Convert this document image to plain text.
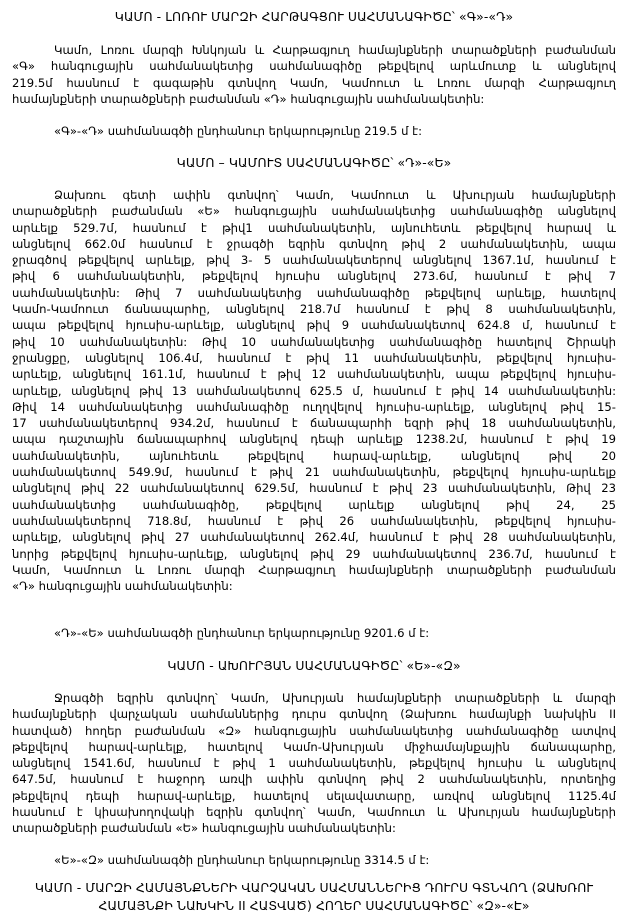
ԿԱՄՈ - ԼՈՌՈՒ ՄԱՐԶԻ ՀԱՐԹԱԳՑՈՒ ՍԱՀՄԱՆԱԳԻԾԸ՝ «Գ»-«Դ»

Կամո, Լոռու մարզի Խնկոյան և Հարթագյուղ համայնքների տարածքների բաժանման
«Գ» հանգուցային սահմանակետից սահմանագիծը թեքվելով արևմուտք և անցնելով
219.5մ հասնում է գագաթին գտնվող Կամո, Կամոուտ և Լոռու մարզի Հարթագյուղ
համայնքների տարածքների բաժանման «Դ» հանգուցային սահմանակետին:
«Գ»-«Դ» սահմանագծի ընդհանուր երկարությունը 219.5 մ է:

ԿԱՄՈ – ԿԱՄՈՒՏ ՍԱՀՄԱՆԱԳԻԾԸ՝ «Դ»-«Ե»

Ձախռու գետի ափին գտնվող՝ Կամո, Կամոուտ և Ախուրյան համայնքների
տարածքների բաժանման «Ե» հանգուցային սահմանակետից սահմանագիծը անցնելով
արևելք 529.7մ, հասնում է թիվ1 սահմանակետին, այնուհետև թեքվելով հարավ և
անցնելով 662.0մ հասնում է ջրագծի եզրին գտնվող թիվ 2 սահմանակետին, ապա
ջրագծով թեքվելով արևելք, թիվ 3- 5 սահմանակետերով անցնելով 1367.1մ, հասնում է
թիվ 6 սահմանակետին, թեքվելով հյուսիս անցնելով 273.6մ, հասնում է թիվ 7
սահմանակետին: Թիվ 7 սահմանակետից սահմանագիծը թեքվելով արևելք, հատելով
Կամո-Կամոուտ ճանապարհը, անցնելով 218.7մ հասնում է թիվ 8 սահմանակետին,
ապա թեքվելով հյուսիս-արևելք, անցնելով թիվ 9 սահմանակետով 624.8 մ, հասնում է
թիվ 10 սահմանակետին: Թիվ 10 սահմանակետից սահմանագիծը հատելով Շիրակի
ջրանցքը, անցնելով 106.4մ, հասնում է թիվ 11 սահմանակետին, թեքվելով հյուսիս-
արևելք, անցնելով 161.1մ, հասնում է թիվ 12 սահմանակետին, ապա թեքվելով հյուսիս-
արևելք, անցնելով թիվ 13 սահմանակետով 625.5 մ, հասնում է թիվ 14 սահմանակետին:
Թիվ 14 սահմանակետից սահմանագիծը ուղղվելով հյուսիս-արևելք, անցնելով թիվ 15-
17 սահմանակետերով 934.2մ, հասնում է ճանապարհի եզրի թիվ 18 սահմանակետին,
ապա դաշտային ճանապարհով անցնելով դեպի արևելք 1238.2մ, հասնում է թիվ 19
սահմանակետին, այնուհետև թեքվելով հարավ-արևելք, անցնելով թիվ 20
սահմանակետով 549.9մ, հասնում է թիվ 21 սահմանակետին, թեքվելով հյուսիս-արևելք
անցնելով թիվ 22 սահմանակետով 629.5մ, հասնում է թիվ 23 սահմանակետին, Թիվ 23
սահմանակետից սահմանագիծը, թեքվելով արևելք անցնելով թիվ 24, 25
սահմանակետերով 718.8մ, հասնում է թիվ 26 սահմանակետին, թեքվելով հյուսիս-
արևելք, անցնելով թիվ 27 սահմանակետով 262.4մ, հասնում է թիվ 28 սահմանակետին,
նորից թեքվելով հյուսիս-արևելք, անցնելով թիվ 29 սահմանակետով 236.7մ, հասնում է
Կամո, Կամոուտ և Լոռու մարզի Հարթագյուղ համայնքների տարածքների բաժանման
«Դ» հանգուցային սահմանակետին:
«Դ»-«Ե» սահմանագծի ընդհանուր երկարությունը 9201.6 մ է:

ԿԱՄՈ - ԱԽՈՒՐՅԱՆ ՍԱՀՄԱՆԱԳԻԾԸ՝ «Ե»-«Զ»

Ջրագծի եզրին գտնվող՝ Կամո, Ախուրյան համայնքների տարածքների և մարզի
համայնքների վարչական սահմաններից դուրս գտնվող (Ձախռու համայնքի նախկին II
հատված) հողեր բաժանման «Զ» հանգուցային սահմանակետից սահմանագիծը ատվով
թեքվելով հարավ-արևելք, հատելով Կամո-Ախուրյան միջհամայնքային ճանապարհը,
անցնելով 1541.6մ, հասնում է թիվ 1 սահմանակետին, թեքվելով հյուսիս և անցնելով
647.5մ, հասնում է հաջորդ առվի ափին գտնվող թիվ 2 սահմանակետին, որտեղից
թեքվելով դեպի հարավ-արևելք, հատելով սելավատարը, առվով անցնելով 1125.4մ
հասնում է կիսախողովակի եզրին գտնվող՝ Կամո, Կամոուտ և Ախուրյան համայնքների
տարածքների բաժանման «Ե» հանգուցային սահմանակետին:
«Ե»-«Զ» սահմանագծի ընդհանուր երկարությունը 3314.5 մ է:

ԿԱՄՈ - ՄԱՐԶԻ ՀԱՄԱՅՆՔՆԵՐԻ ՎԱՐՉԱԿԱՆ ՍԱՀՄԱՆՆԵՐԻՑ ԴՈՒՐՍ ԳՏՆՎՈՂ (ՁԱԽՌՈՒ

ՀԱՄԱՅՆՔԻ ՆԱԽԿԻՆ II ՀԱՏՎԱԾ) ՀՈՂԵՐ ՍԱՀՄԱՆԱԳԻԾԸ՝ «Զ»-«Է»
